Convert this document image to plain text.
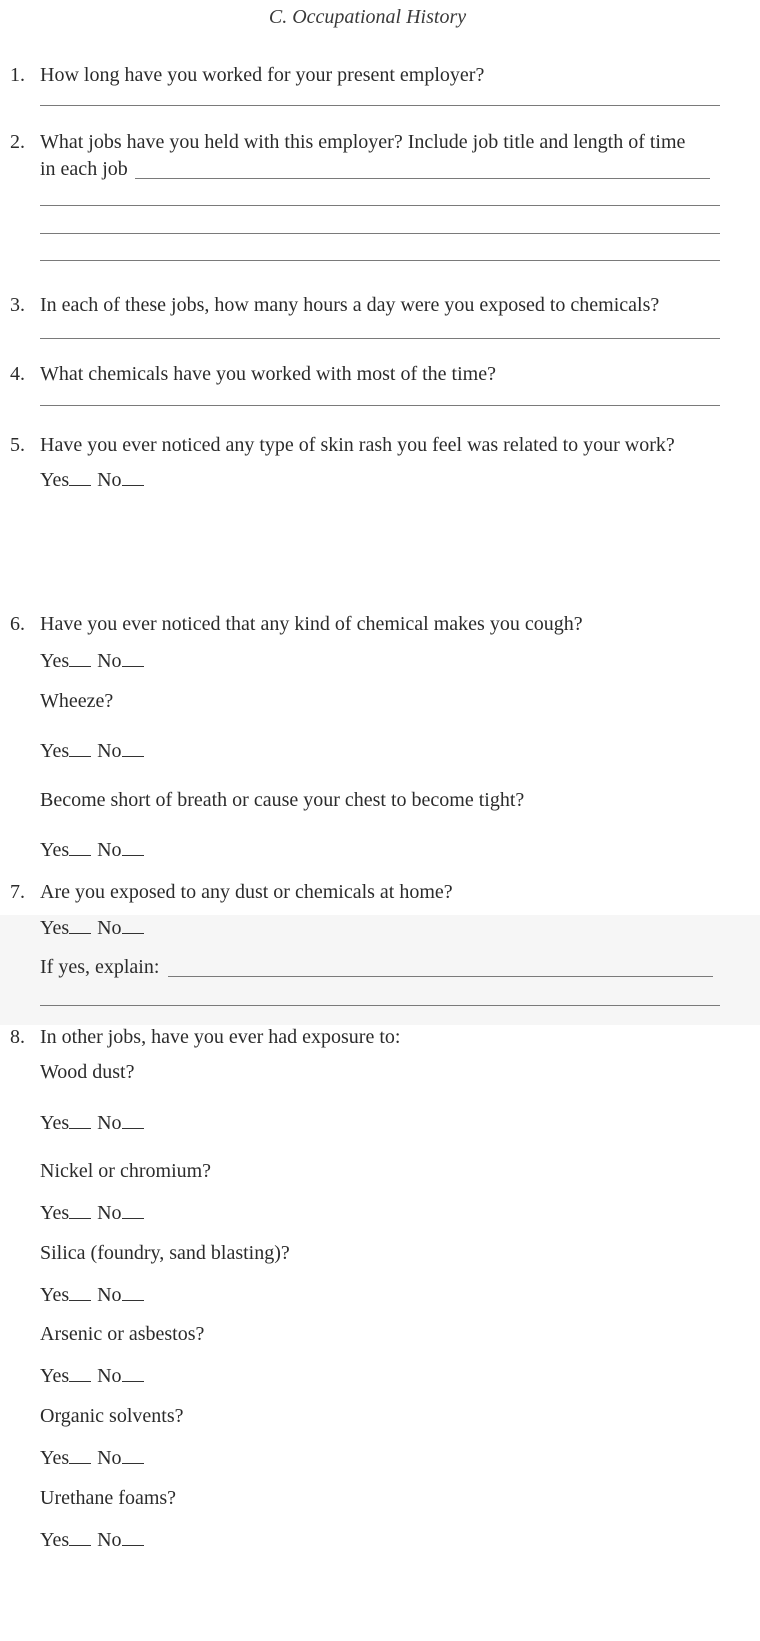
C. Occupational History
1. How long have you worked for your present employer?
2. What jobs have you held with this employer? Include job title and length of time
in each job
3. In each of these jobs, how many hours a day were you exposed to chemicals?
4. What chemicals have you worked with most of the time?
5. Have you ever noticed any type of skin rash you feel was related to your work?
Yes No
6. Have you ever noticed that any kind of chemical makes you cough?
Yes No
Wheeze?
Yes No
Become short of breath or cause your chest to become tight?
Yes No
7. Are you exposed to any dust or chemicals at home?
Yes No
If yes, explain:
8. In other jobs, have you ever had exposure to:
Wood dust?
Yes No
Nickel or chromium?
Yes No
Silica (foundry, sand blasting)?
Yes No
Arsenic or asbestos?
Yes No
Organic solvents?
Yes No
Urethane foams?
Yes No
